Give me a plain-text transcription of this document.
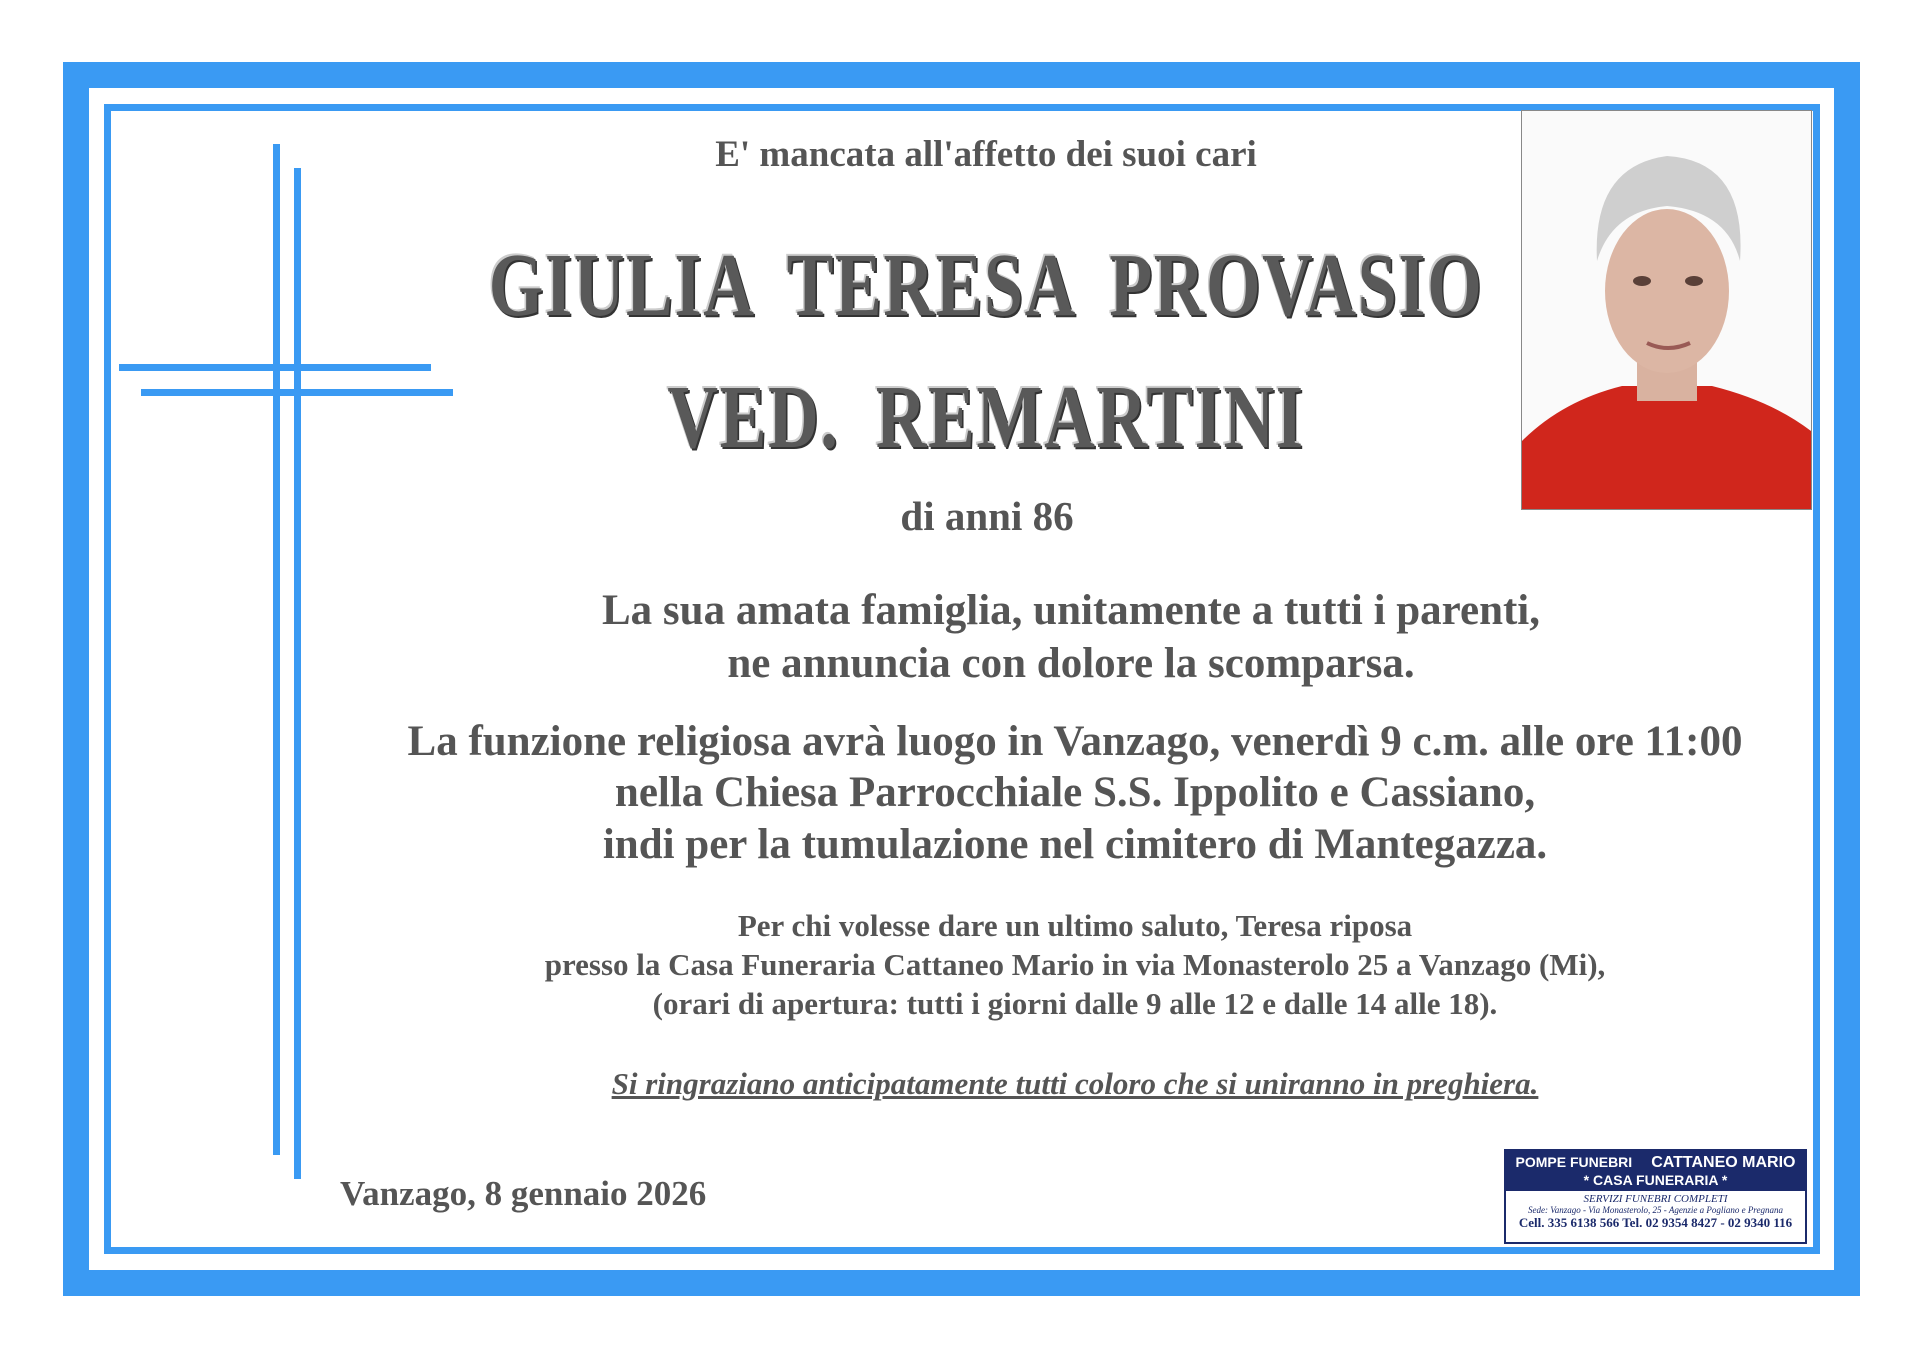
E' mancata all'affetto dei suoi cari
GIULIA TERESA PROVASIO
VED. REMARTINI
di anni 86
La sua amata famiglia, unitamente a tutti i parenti,
ne annuncia con dolore la scomparsa.
La funzione religiosa avrà luogo in Vanzago, venerdì 9 c.m. alle ore 11:00
nella Chiesa Parrocchiale S.S. Ippolito e Cassiano,
indi per la tumulazione nel cimitero di Mantegazza.
Per chi volesse dare un ultimo saluto, Teresa riposa
presso la Casa Funeraria Cattaneo Mario in via Monasterolo 25 a Vanzago (Mi),
(orari di apertura: tutti i giorni dalle 9 alle 12 e dalle 14 alle 18).
Si ringraziano anticipatamente tutti coloro che si uniranno in preghiera.
Vanzago, 8 gennaio 2026
POMPE FUNEBRI CATTANEO MARIO
* CASA FUNERARIA *
SERVIZI FUNEBRI COMPLETI
Sede: Vanzago - Via Monasterolo, 25 - Agenzie a Pogliano e Pregnana
Cell. 335 6138 566 Tel. 02 9354 8427 - 02 9340 116
